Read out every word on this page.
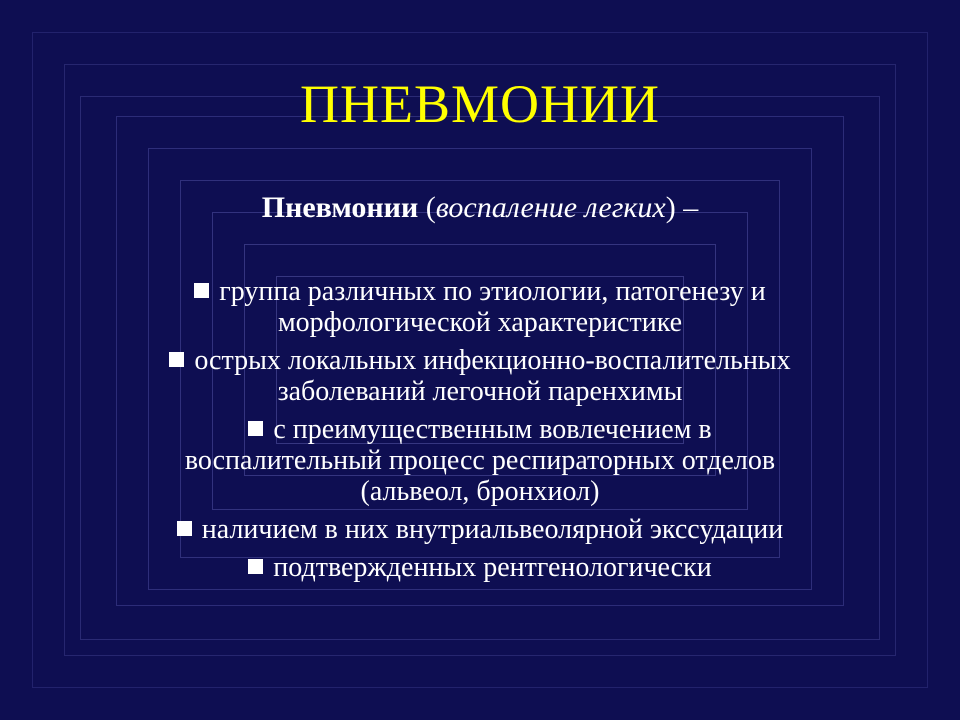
ПНЕВМОНИИ
Пневмонии (воспаление легких) –
группа различных по этиологии, патогенезу и
морфологической характеристике
острых локальных инфекционно-воспалительных
заболеваний легочной паренхимы
с преимущественным вовлечением в
воспалительный процесс респираторных отделов
(альвеол, бронхиол)
наличием в них внутриальвеолярной экссудации
подтвержденных рентгенологически
